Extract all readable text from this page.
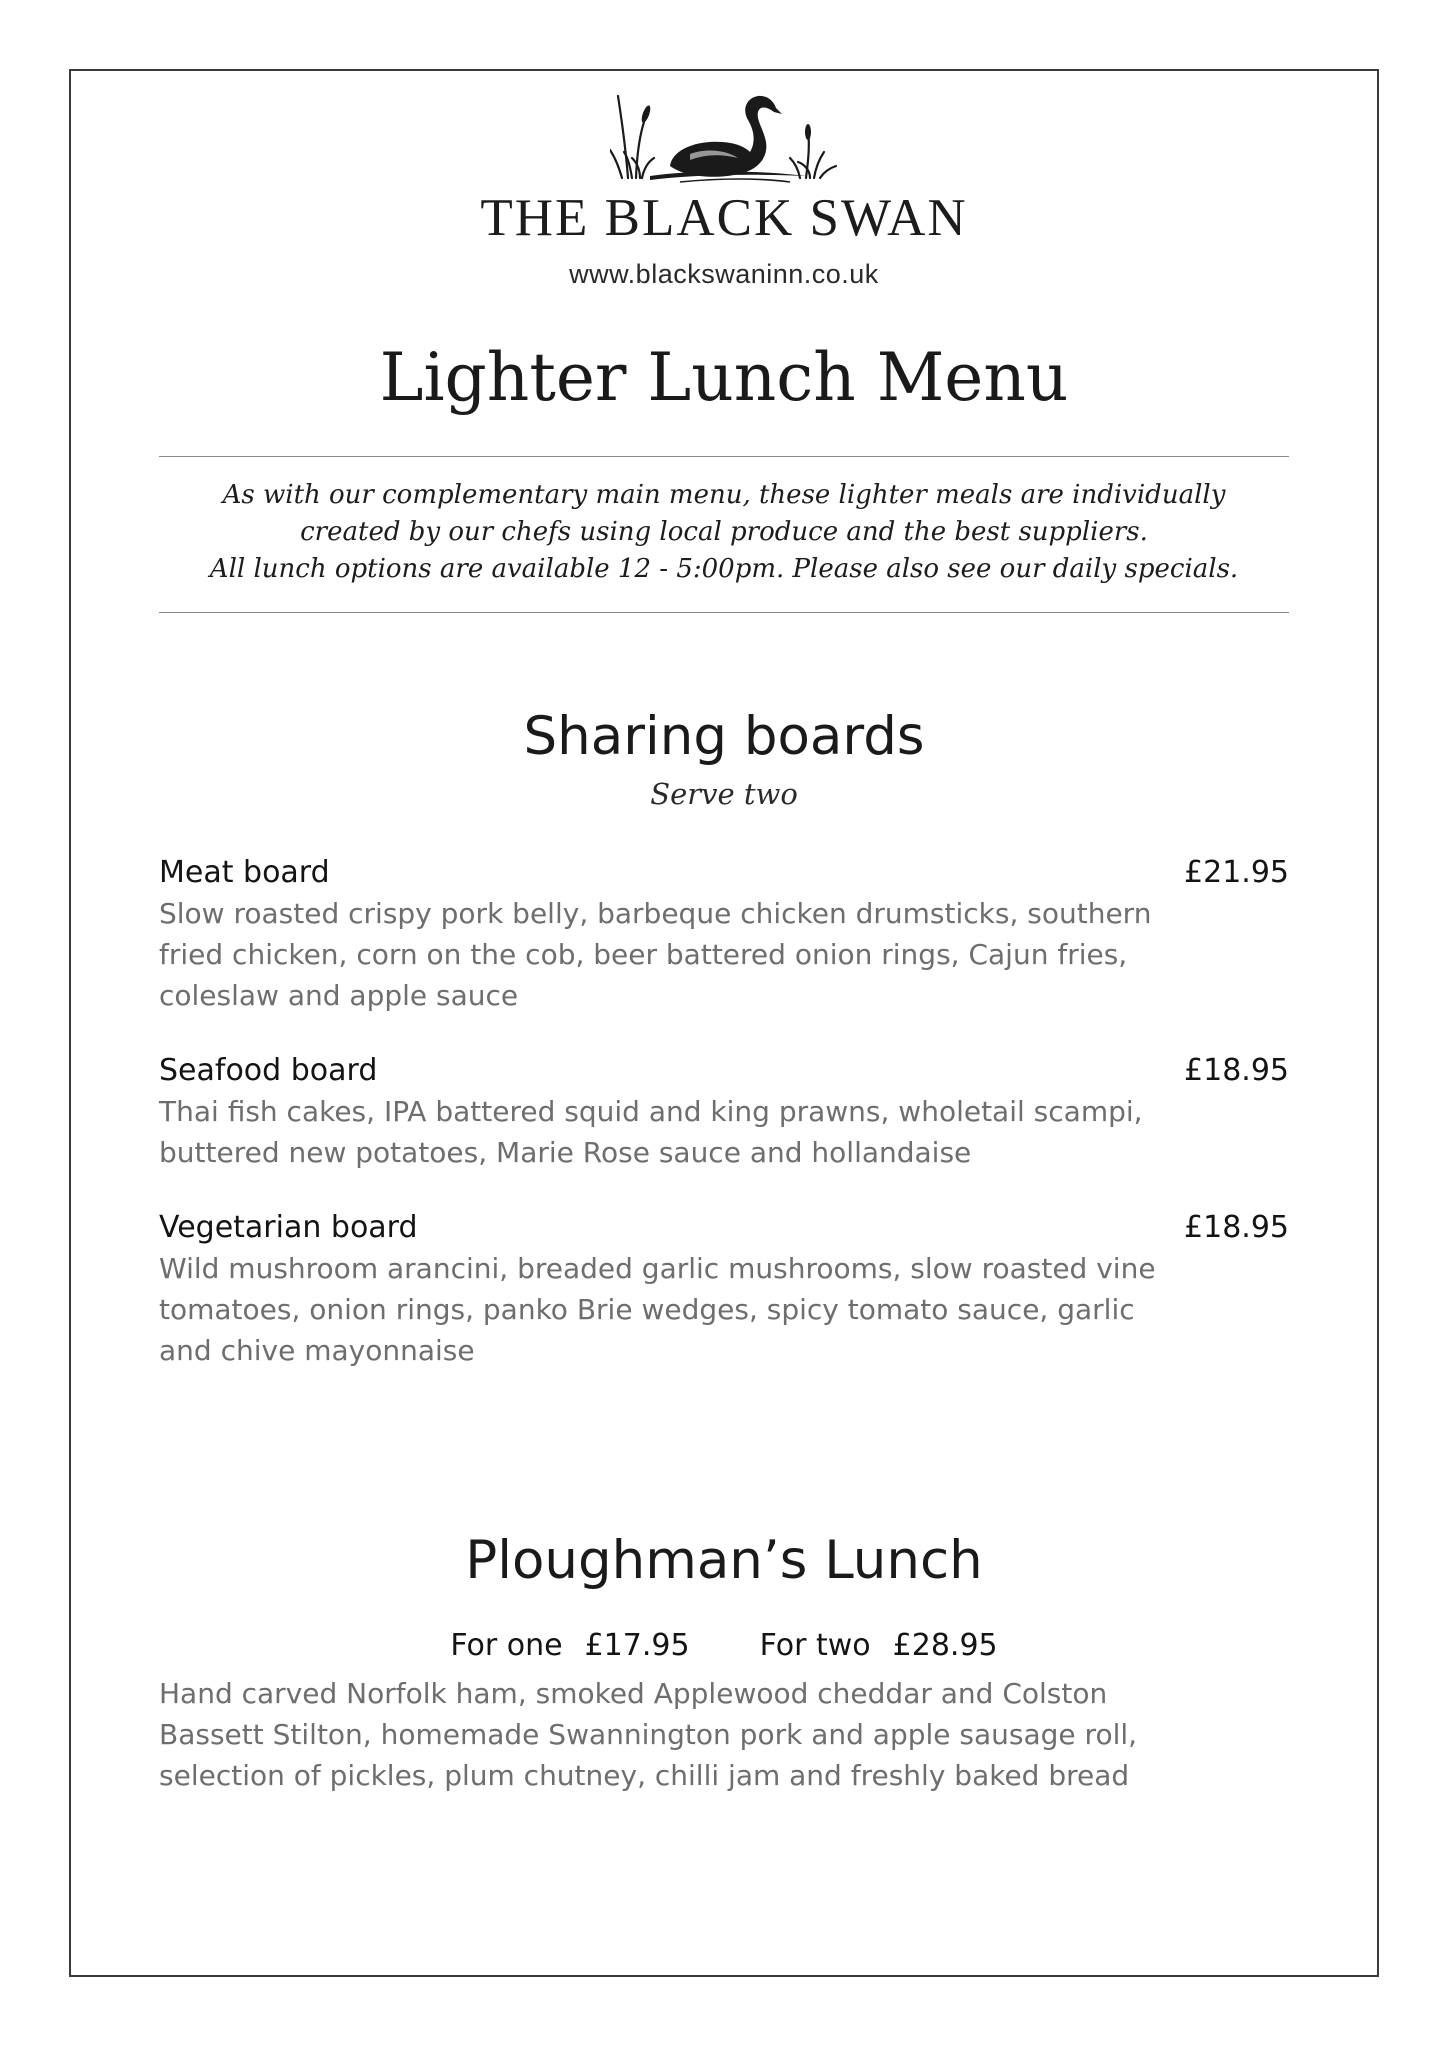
THE BLACK SWAN
www.blackswaninn.co.uk
Lighter Lunch Menu
As with our complementary main menu, these lighter meals are individually
created by our chefs using local produce and the best suppliers.
All lunch options are available 12 - 5:00pm. Please also see our daily specials.
Sharing boards
Serve two
Meat board	£21.95
Slow roasted crispy pork belly, barbeque chicken drumsticks, southern
fried chicken, corn on the cob, beer battered onion rings, Cajun fries,
coleslaw and apple sauce
Seafood board	£18.95
Thai fish cakes, IPA battered squid and king prawns, wholetail scampi,
buttered new potatoes, Marie Rose sauce and hollandaise
Vegetarian board	£18.95
Wild mushroom arancini, breaded garlic mushrooms, slow roasted vine
tomatoes, onion rings, panko Brie wedges, spicy tomato sauce, garlic
and chive mayonnaise
Ploughman’s Lunch
For one £17.95 For two £28.95
Hand carved Norfolk ham, smoked Applewood cheddar and Colston
Bassett Stilton, homemade Swannington pork and apple sausage roll,
selection of pickles, plum chutney, chilli jam and freshly baked bread
